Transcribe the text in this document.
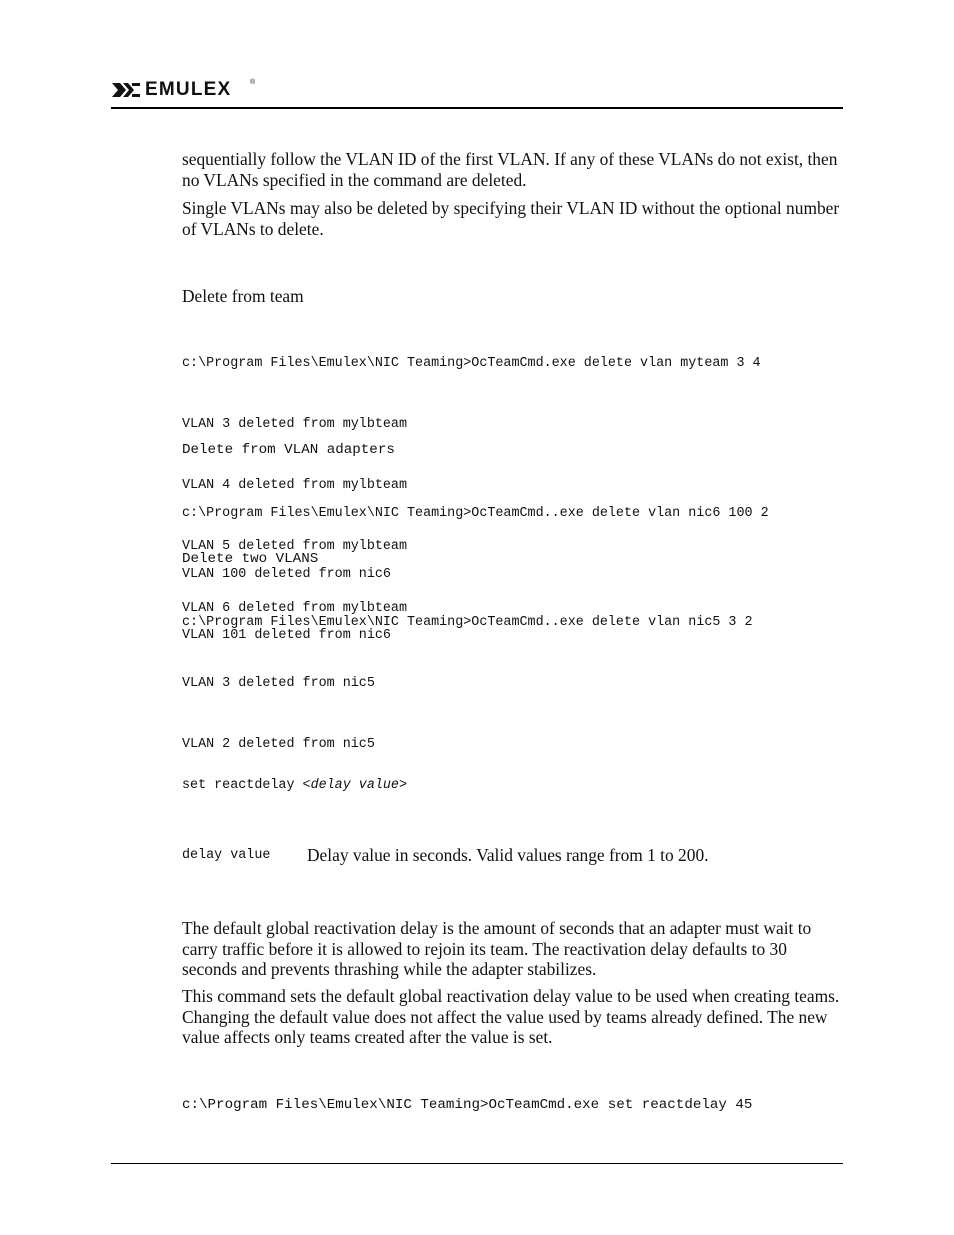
EMULEX	®

sequentially follow the VLAN ID of the first VLAN. If any of these VLANs do not exist, then no VLANs specified in the command are deleted.

Single VLANs may also be deleted by specifying their VLAN ID without the optional number of VLANs to delete.

Delete from team

c:\Program Files\Emulex\NIC Teaming>OcTeamCmd.exe delete vlan myteam 3 4

VLAN 3 deleted from mylbteam

VLAN 4 deleted from mylbteam

VLAN 5 deleted from mylbteam

VLAN 6 deleted from mylbteam

Delete from VLAN adapters

c:\Program Files\Emulex\NIC Teaming>OcTeamCmd..exe delete vlan nic6 100 2

VLAN 100 deleted from nic6

VLAN 101 deleted from nic6

Delete two VLANS

c:\Program Files\Emulex\NIC Teaming>OcTeamCmd..exe delete vlan nic5 3 2

VLAN 3 deleted from nic5

VLAN 2 deleted from nic5

set reactdelay <delay value>

delay value Delay value in seconds. Valid values range from 1 to 200.

The default global reactivation delay is the amount of seconds that an adapter must wait to carry traffic before it is allowed to rejoin its team. The reactivation delay defaults to 30 seconds and prevents thrashing while the adapter stabilizes.

This command sets the default global reactivation delay value to be used when creating teams. Changing the default value does not affect the value used by teams already defined. The new value affects only teams created after the value is set.

c:\Program Files\Emulex\NIC Teaming>OcTeamCmd.exe set reactdelay 45
